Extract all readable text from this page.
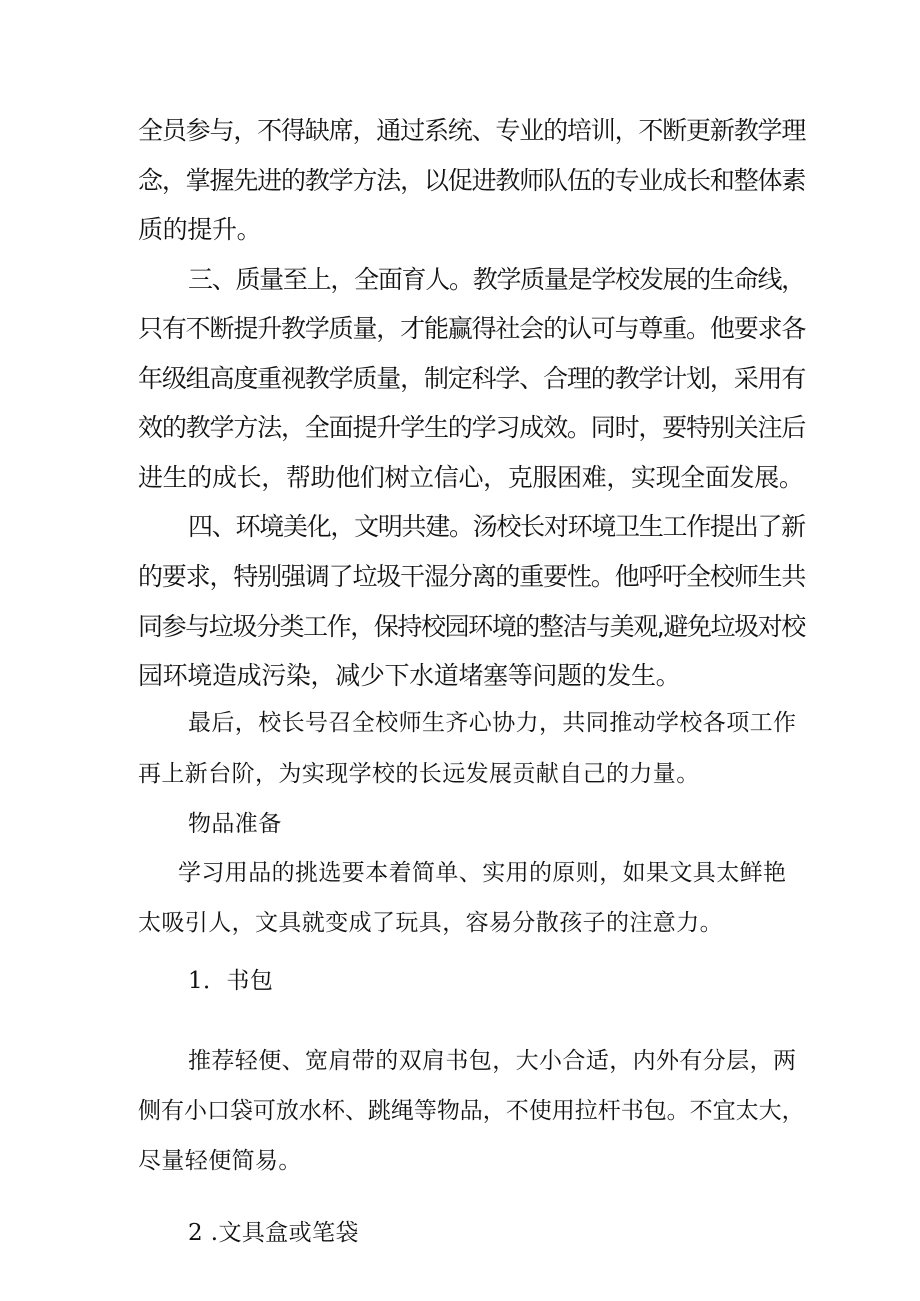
全员参与，不得缺席，通过系统、专业的培训，不断更新教学理
念，掌握先进的教学方法，以促进教师队伍的专业成长和整体素
质的提升。
三、质量至上，全面育人。教学质量是学校发展的生命线，
只有不断提升教学质量，才能赢得社会的认可与尊重。他要求各
年级组高度重视教学质量，制定科学、合理的教学计划，采用有
效的教学方法，全面提升学生的学习成效。同时，要特别关注后
进生的成长，帮助他们树立信心，克服困难，实现全面发展。
四、环境美化，文明共建。汤校长对环境卫生工作提出了新
的要求，特别强调了垃圾干湿分离的重要性。他呼吁全校师生共
同参与垃圾分类工作，保持校园环境的整洁与美观,避免垃圾对校
园环境造成污染，减少下水道堵塞等问题的发生。
最后，校长号召全校师生齐心协力，共同推动学校各项工作
再上新台阶，为实现学校的长远发展贡献自己的力量。
物品准备
学习用品的挑选要本着简单、实用的原则，如果文具太鲜艳
太吸引人，文具就变成了玩具，容易分散孩子的注意力。
1．书包
推荐轻便、宽肩带的双肩书包，大小合适，内外有分层，两
侧有小口袋可放水杯、跳绳等物品，不使用拉杆书包。不宜太大，
尽量轻便简易。
2 .文具盒或笔袋
